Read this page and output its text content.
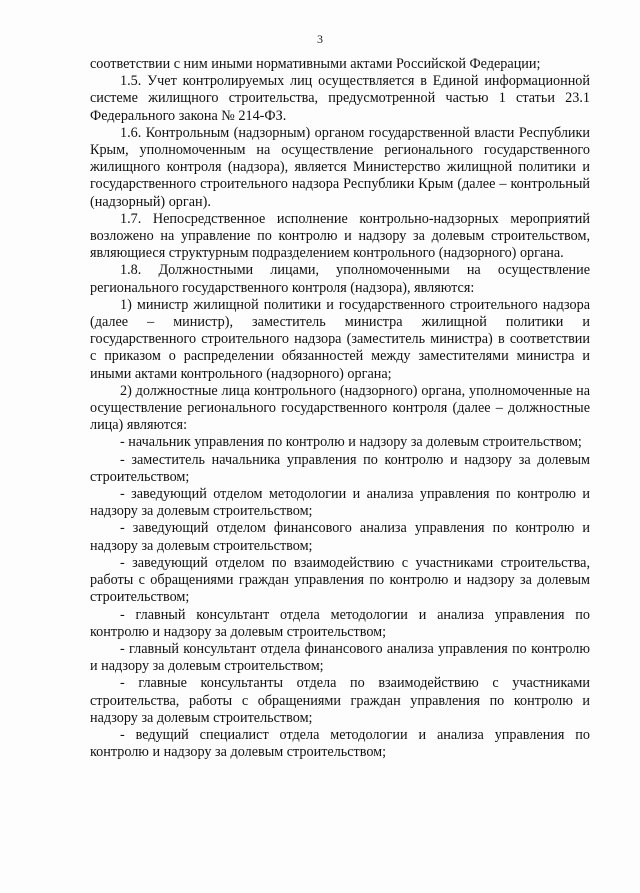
3

соответствии с ним иными нормативными актами Российской Федерации;

1.5. Учет контролируемых лиц осуществляется в Единой информационной системе жилищного строительства, предусмотренной частью 1 статьи 23.1 Федерального закона № 214-ФЗ.

1.6. Контрольным (надзорным) органом государственной власти Республики Крым, уполномоченным на осуществление регионального государственного жилищного контроля (надзора), является Министерство жилищной политики и государственного строительного надзора Республики Крым (далее – контрольный (надзорный) орган).

1.7. Непосредственное исполнение контрольно-надзорных мероприятий возложено на управление по контролю и надзору за долевым строительством, являющиеся структурным подразделением контрольного (надзорного) органа.

1.8. Должностными лицами, уполномоченными на осуществление регионального государственного контроля (надзора), являются:

1) министр жилищной политики и государственного строительного надзора (далее – министр), заместитель министра жилищной политики и государственного строительного надзора (заместитель министра) в соответствии с приказом о распределении обязанностей между заместителями министра и иными актами контрольного (надзорного) органа;

2) должностные лица контрольного (надзорного) органа, уполномоченные на осуществление регионального государственного контроля (далее – должностные лица) являются:

- начальник управления по контролю и надзору за долевым строительством;

- заместитель начальника управления по контролю и надзору за долевым строительством;

- заведующий отделом методологии и анализа управления по контролю и надзору за долевым строительством;

- заведующий отделом финансового анализа управления по контролю и надзору за долевым строительством;

- заведующий отделом по взаимодействию с участниками строительства, работы с обращениями граждан управления по контролю и надзору за долевым строительством;

- главный консультант отдела методологии и анализа управления по контролю и надзору за долевым строительством;

- главный консультант отдела финансового анализа управления по контролю и надзору за долевым строительством;

- главные консультанты отдела по взаимодействию с участниками строительства, работы с обращениями граждан управления по контролю и надзору за долевым строительством;

- ведущий специалист отдела методологии и анализа управления по контролю и надзору за долевым строительством;
